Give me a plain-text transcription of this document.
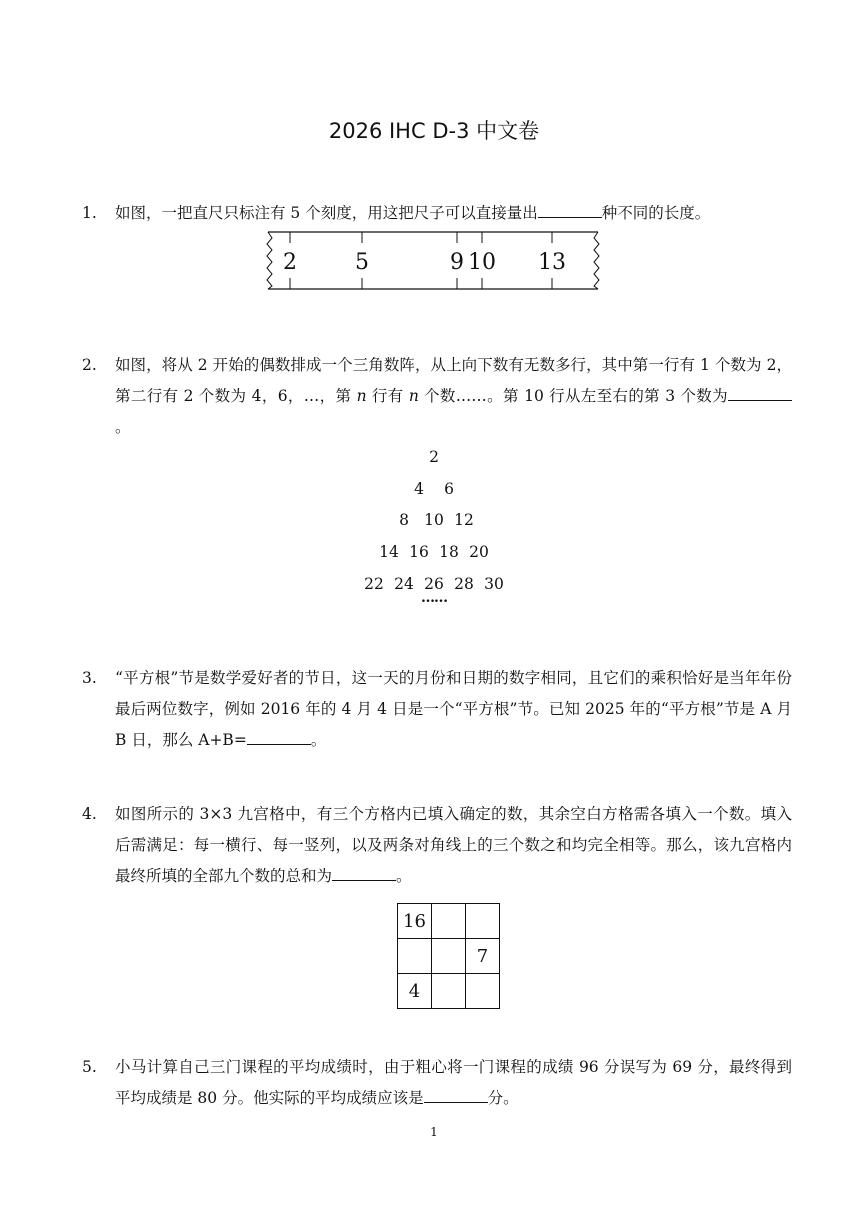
2026 IHC D-3 中文卷
1. 如图，一把直尺只标注有 5 个刻度，用这把尺子可以直接量出	种不同的长度。
2	5	9 10 13
2. 如图，将从 2 开始的偶数排成一个三角数阵，从上向下数有无数多行，其中第一行有 1 个数为 2，第二行有 2 个数为 4，6，…，第 n 行有 n 个数……。第 10 行从左至右的第 3 个数为。
2
4 6
8 10 12
14 16 18 20
22 24 26 28 30
……
3. “平方根”节是数学爱好者的节日，这一天的月份和日期的数字相同，且它们的乘积恰好是当年年份最后两位数字，例如 2016 年的 4 月 4 日是一个“平方根”节。已知 2025 年的“平方根”节是 A 月 B 日，那么 A+B=	。
4. 如图所示的 3×3 九宫格中，有三个方格内已填入确定的数，其余空白方格需各填入一个数。填入后需满足：每一横行、每一竖列，以及两条对角线上的三个数之和均完全相等。那么，该九宫格内最终所填的全部九个数的总和为	。
16		
		7
4		
5. 小马计算自己三门课程的平均成绩时，由于粗心将一门课程的成绩 96 分误写为 69 分，最终得到平均成绩是 80 分。他实际的平均成绩应该是	分。
1
